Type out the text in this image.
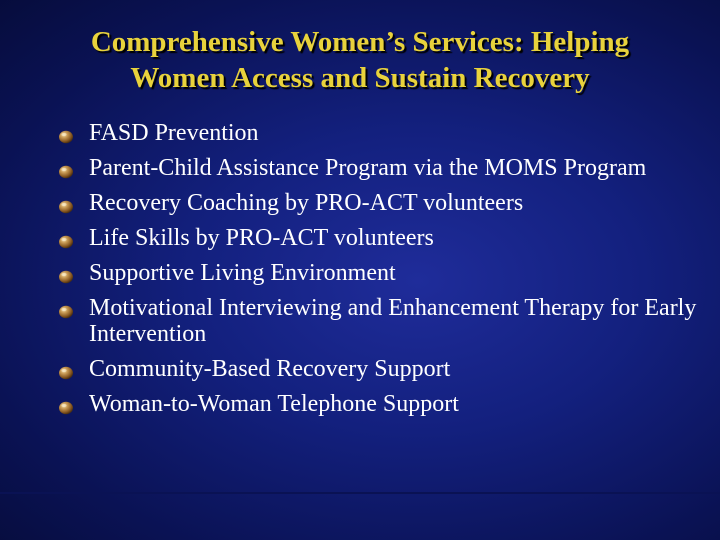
Comprehensive Women’s Services: Helping
Women Access and Sustain Recovery
FASD Prevention
Parent-Child Assistance Program via the MOMS Program
Recovery Coaching by PRO-ACT volunteers
Life Skills by PRO-ACT volunteers
Supportive Living Environment
Motivational Interviewing and Enhancement Therapy for Early Intervention
Community-Based Recovery Support
Woman-to-Woman Telephone Support
